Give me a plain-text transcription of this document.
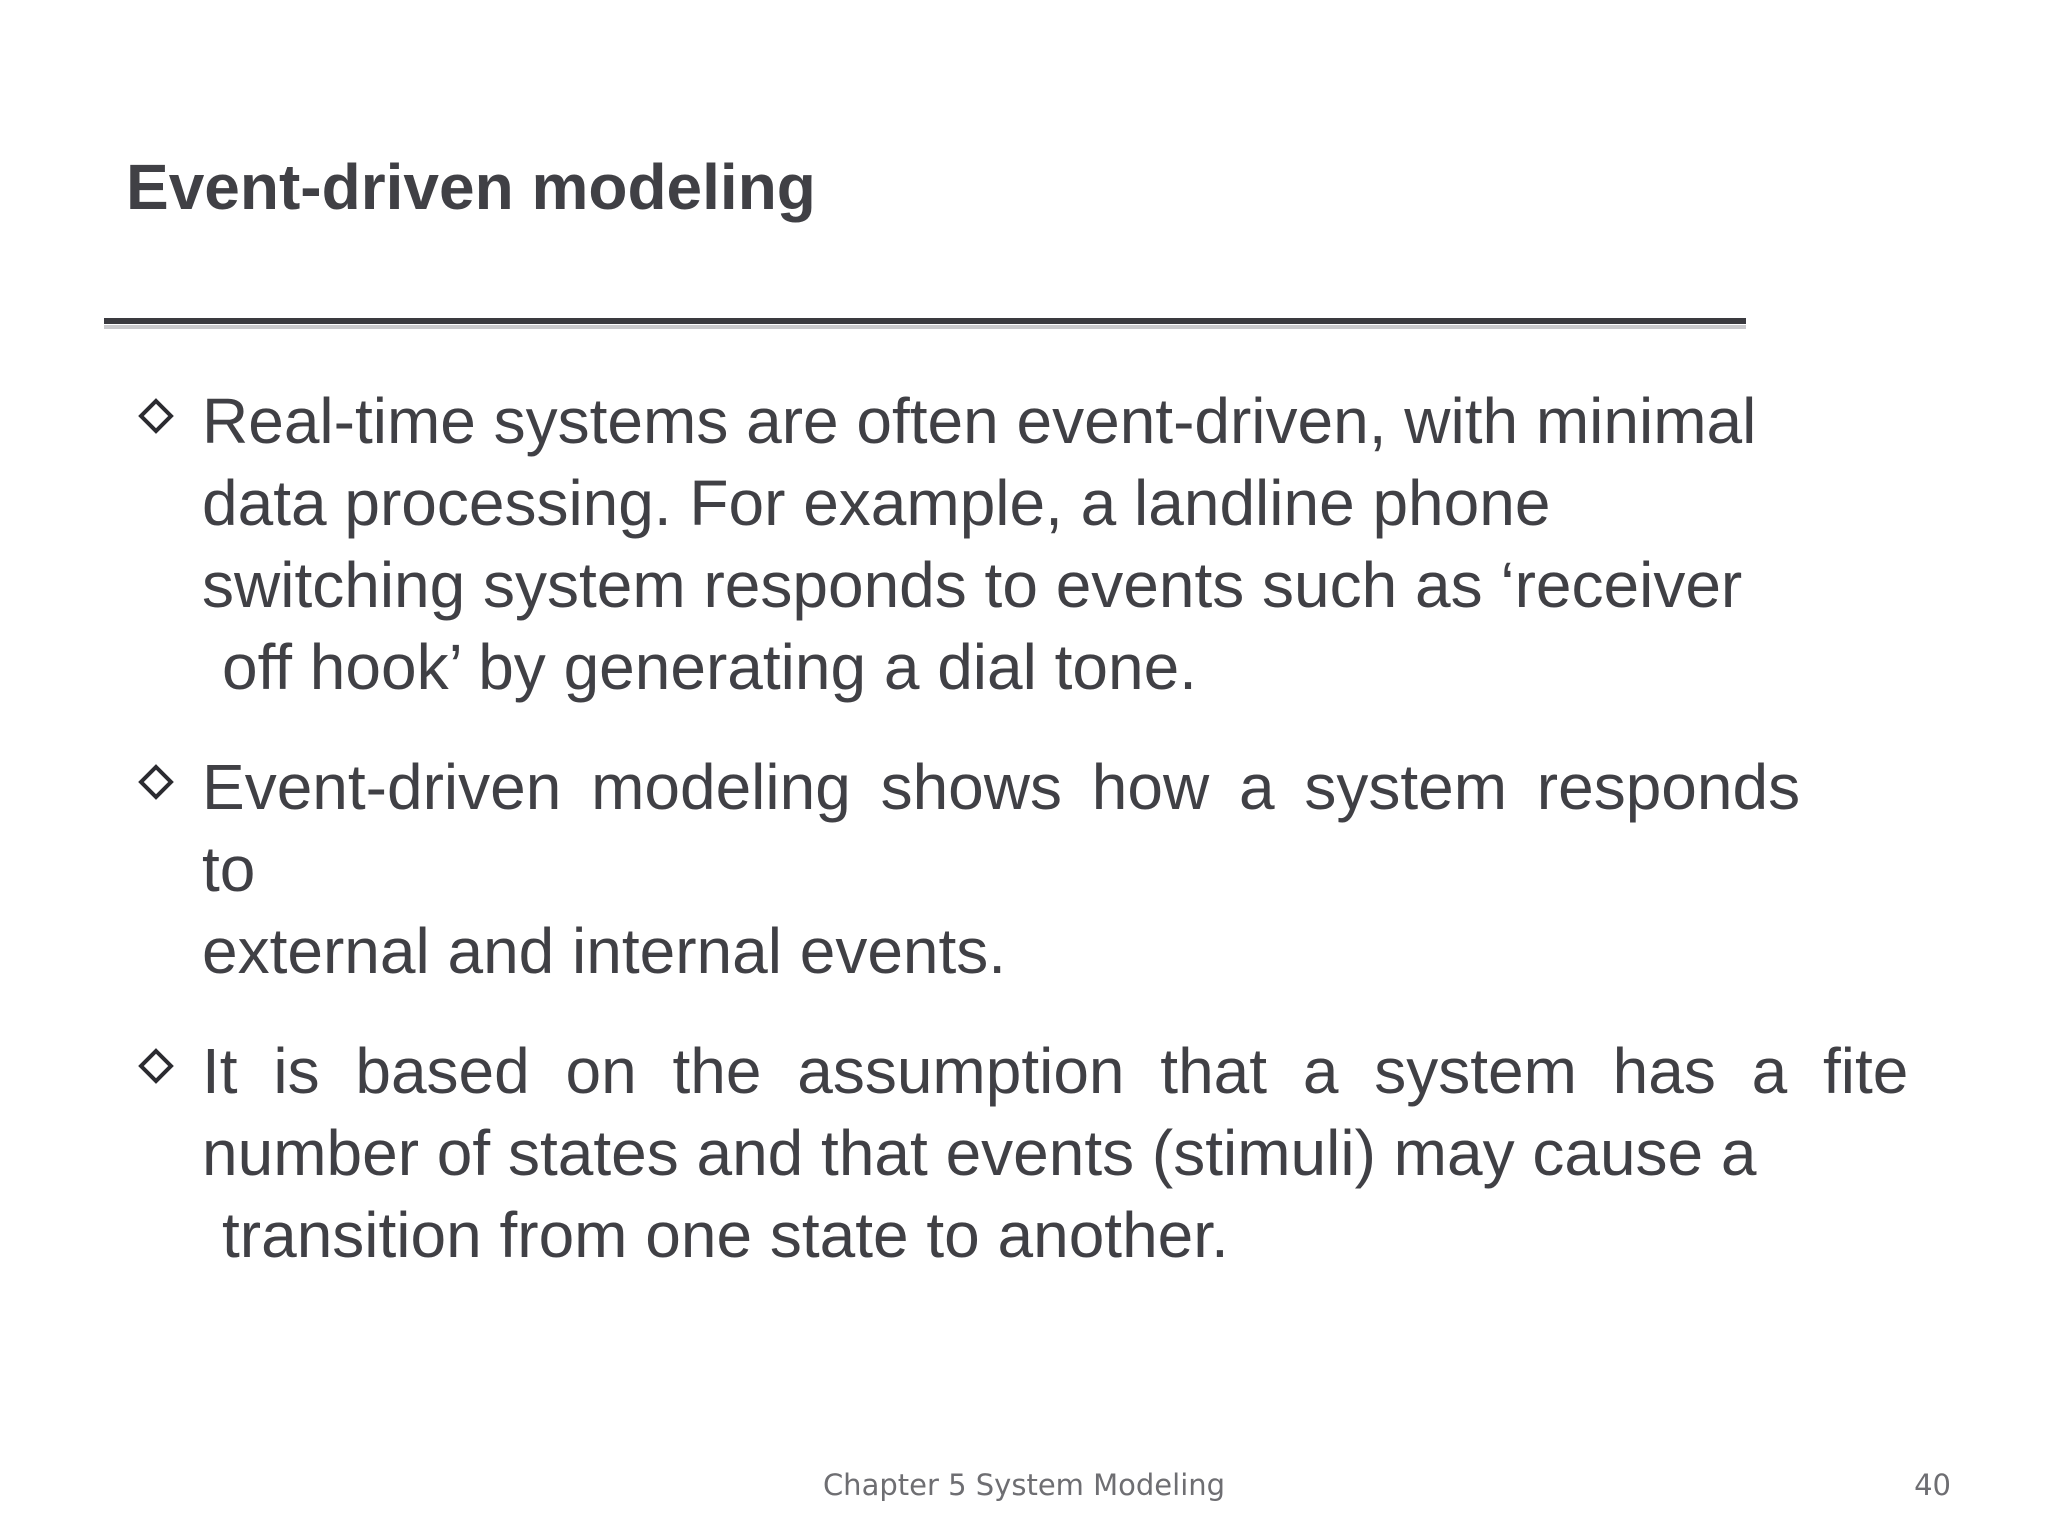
Event-driven modeling
Real-time systems are often event-driven, with minimal
data processing. For example, a landline phone
switching system responds to events such as ‘receiver
off hook’ by generating a dial tone.
Event-driven modeling shows how a system responds
to
external and internal events.
It is based on the assumption that a system has a fite
number of states and that events (stimuli) may cause a
transition from one state to another.
Chapter 5 System Modeling	40
